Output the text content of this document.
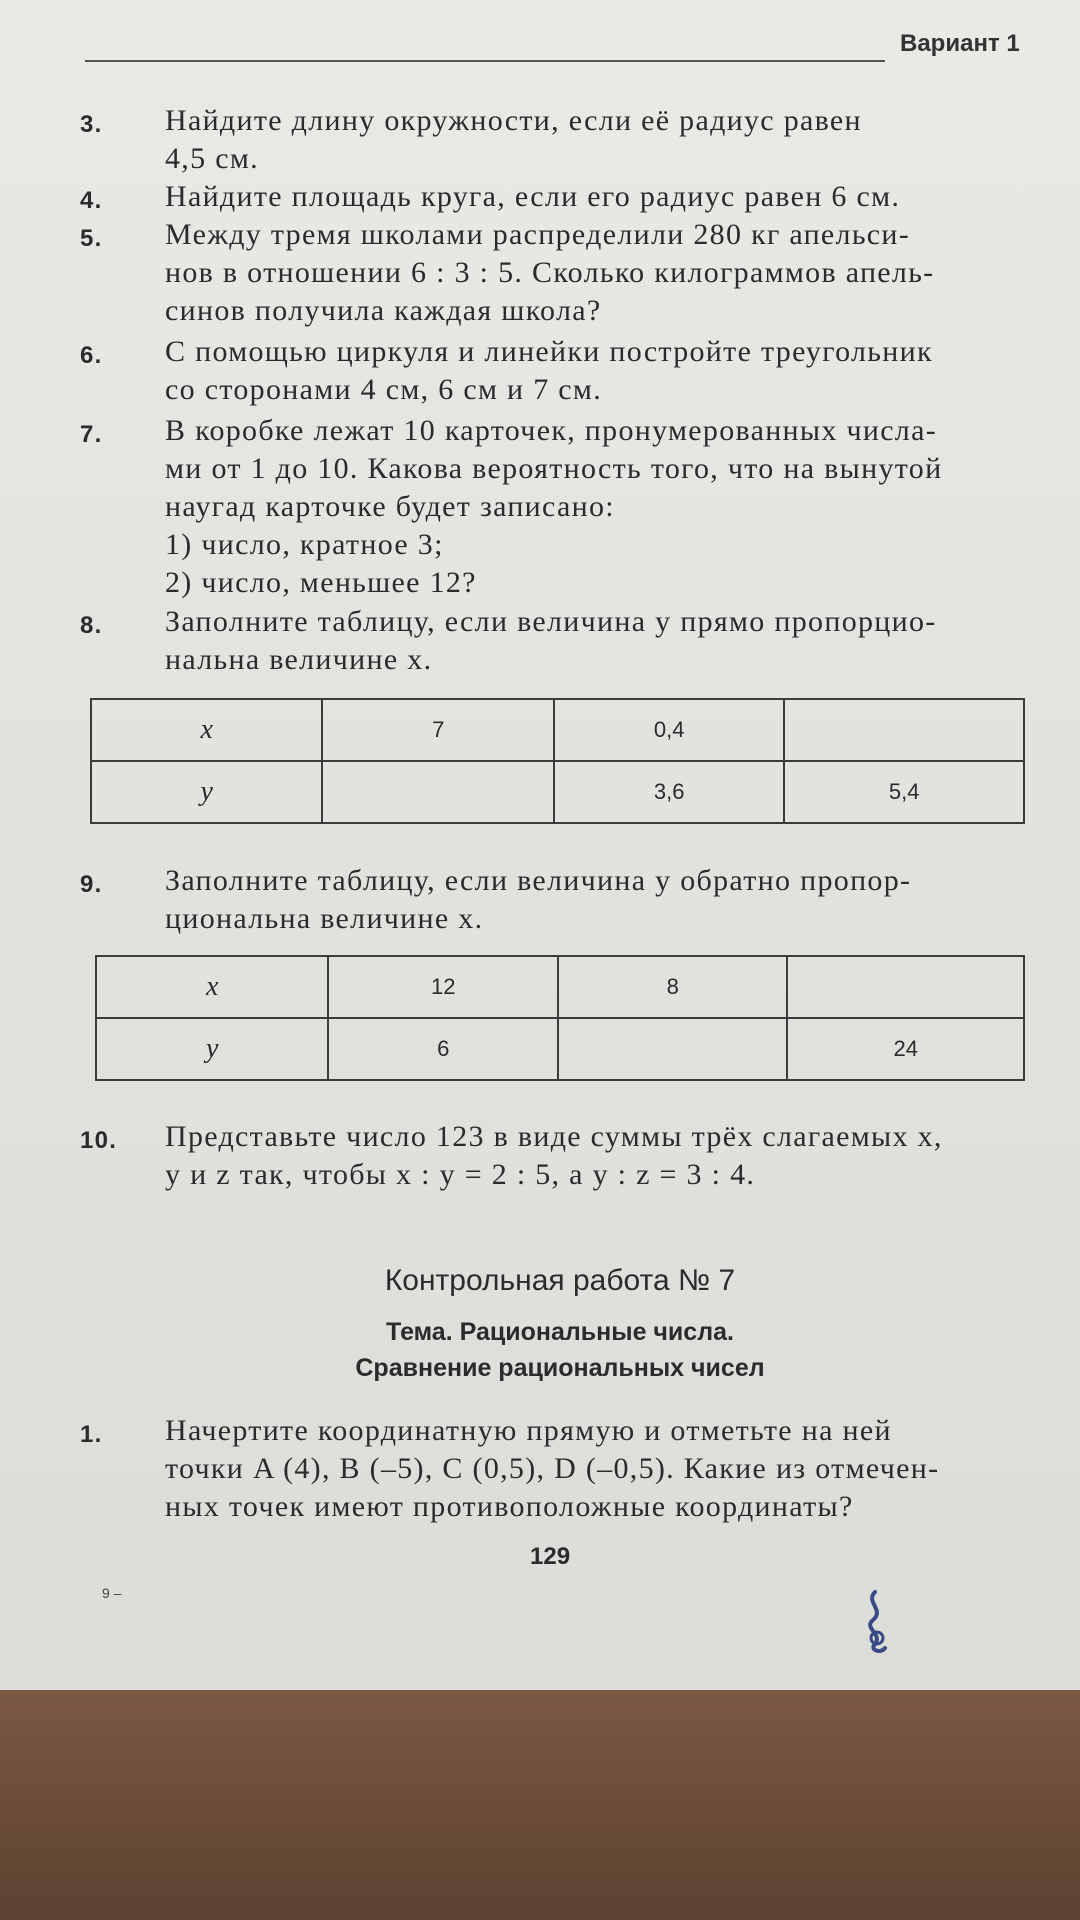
Вариант 1
3.	Найдите длину окружности, если её радиус равен
4,5 см.
4.	Найдите площадь круга, если его радиус равен 6 см.
5.	Между тремя школами распределили 280 кг апельси-
нов в отношении 6 : 3 : 5. Сколько килограммов апель-
синов получила каждая школа?
6.	С помощью циркуля и линейки постройте треугольник
со сторонами 4 см, 6 см и 7 см.
7.	В коробке лежат 10 карточек, пронумерованных числа-
ми от 1 до 10. Какова вероятность того, что на вынутой
наугад карточке будет записано:
1) число, кратное 3;
2) число, меньшее 12?
8.	Заполните таблицу, если величина y прямо пропорцио-
нальна величине x.
x	7	0,4	
y		3,6	5,4
9.	Заполните таблицу, если величина y обратно пропор-
циональна величине x.
x	12	8	
y	6		24
10.	Представьте число 123 в виде суммы трёх слагаемых x,
y и z так, чтобы x : y = 2 : 5, а y : z = 3 : 4.
Контрольная работа № 7
Тема. Рациональные числа.
Сравнение рациональных чисел
1.	Начертите координатную прямую и отметьте на ней
точки A (4), B (–5), C (0,5), D (–0,5). Какие из отмечен-
ных точек имеют противоположные координаты?
129
9 –
